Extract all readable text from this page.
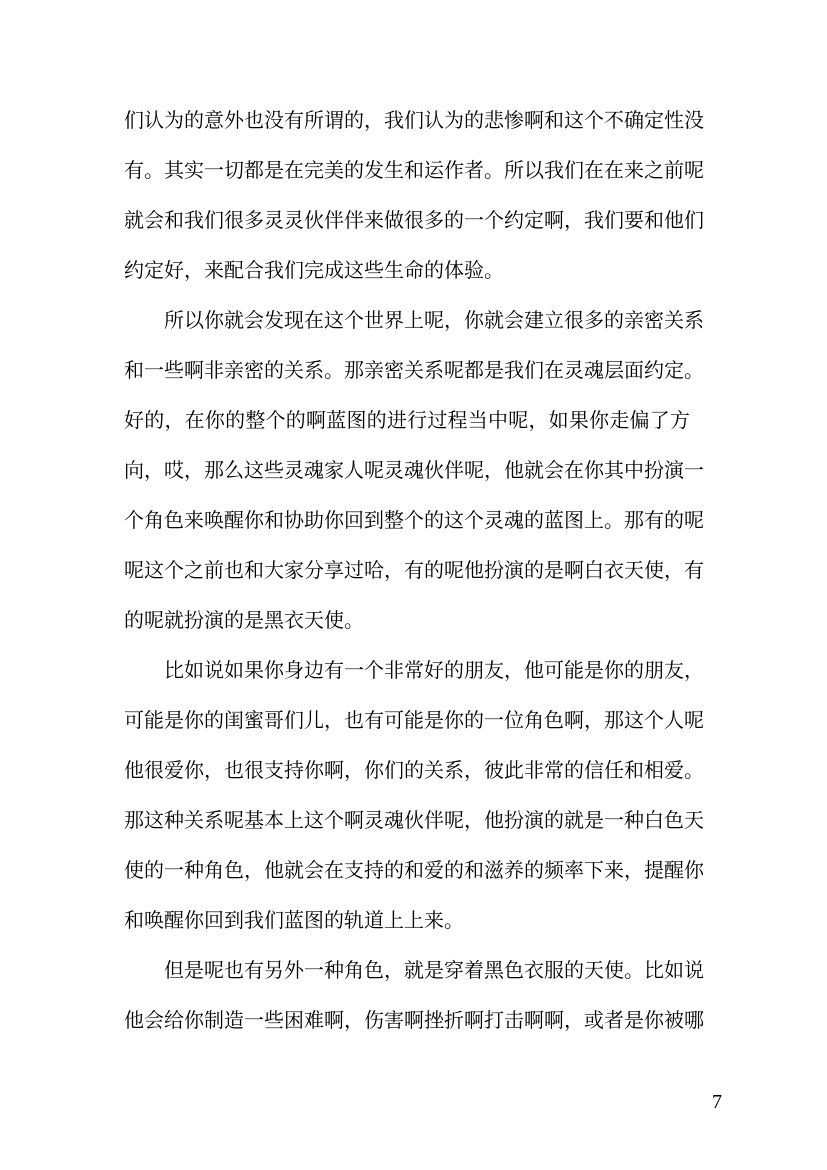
们认为的意外也没有所谓的，我们认为的悲惨啊和这个不确定性没
有。其实一切都是在完美的发生和运作者。所以我们在在来之前呢
就会和我们很多灵灵伙伴伴来做很多的一个约定啊，我们要和他们
约定好，来配合我们完成这些生命的体验。
所以你就会发现在这个世界上呢，你就会建立很多的亲密关系
和一些啊非亲密的关系。那亲密关系呢都是我们在灵魂层面约定。
好的，在你的整个的啊蓝图的进行过程当中呢，如果你走偏了方
向，哎，那么这些灵魂家人呢灵魂伙伴呢，他就会在你其中扮演一
个角色来唤醒你和协助你回到整个的这个灵魂的蓝图上。那有的呢
呢这个之前也和大家分享过哈，有的呢他扮演的是啊白衣天使，有
的呢就扮演的是黑衣天使。
比如说如果你身边有一个非常好的朋友，他可能是你的朋友，
可能是你的闺蜜哥们儿，也有可能是你的一位角色啊，那这个人呢
他很爱你，也很支持你啊，你们的关系，彼此非常的信任和相爱。
那这种关系呢基本上这个啊灵魂伙伴呢，他扮演的就是一种白色天
使的一种角色，他就会在支持的和爱的和滋养的频率下来，提醒你
和唤醒你回到我们蓝图的轨道上上来。
但是呢也有另外一种角色，就是穿着黑色衣服的天使。比如说
他会给你制造一些困难啊，伤害啊挫折啊打击啊啊，或者是你被哪
7
